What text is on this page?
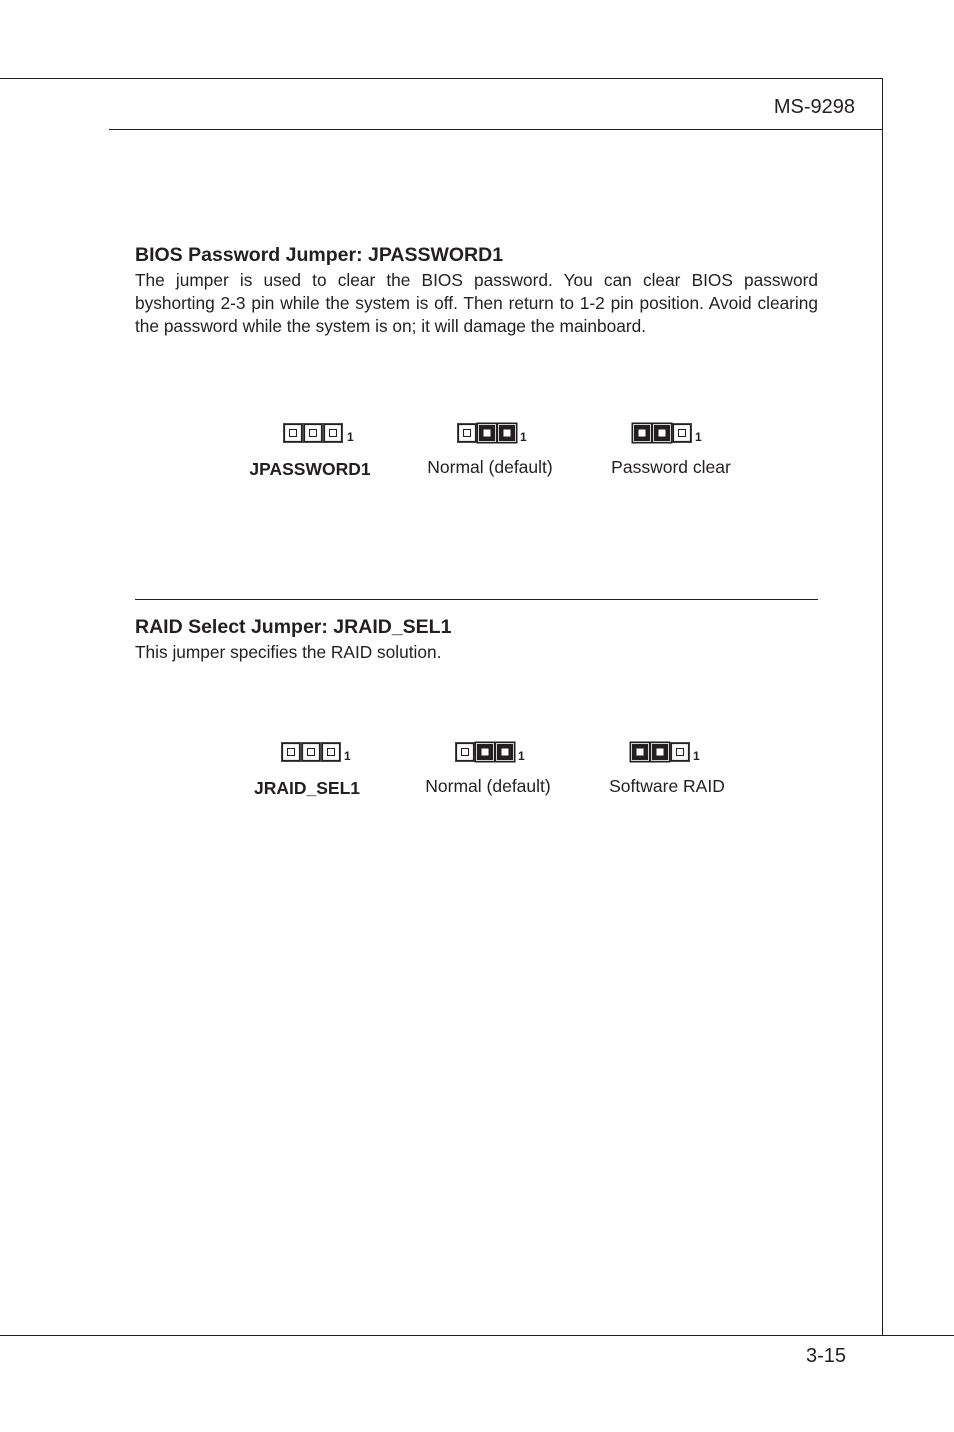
MS-9298
BIOS Password Jumper: JPASSWORD1

The jumper is used to clear the BIOS password. You can clear BIOS password byshorting 2-3 pin while the system is off. Then return to 1-2 pin position. Avoid clearing the password while the system is on; it will damage the mainboard.

1
JPASSWORD1
1
Normal (default)
1
Password clear
RAID Select Jumper: JRAID_SEL1

This jumper specifies the RAID solution.

1
JRAID_SEL1
1
Normal (default)
1
Software RAID
3-15
